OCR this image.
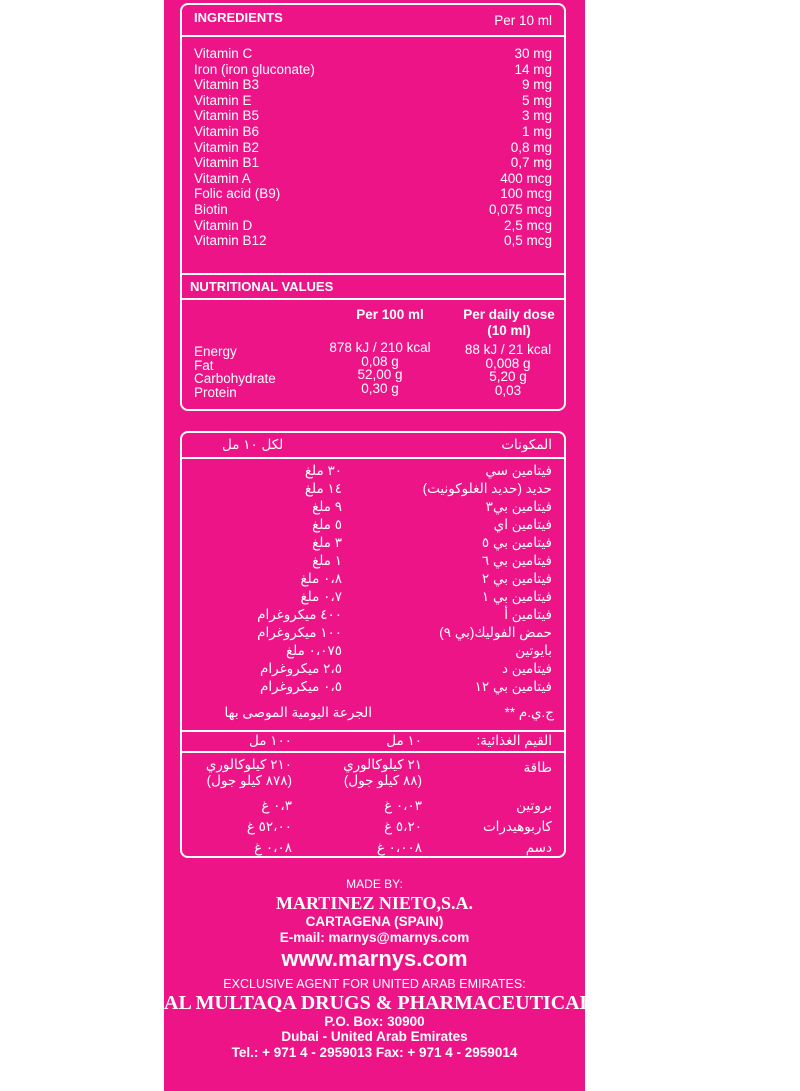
INGREDIENTS	Per 10 ml
Vitamin C
Iron (iron gluconate)
Vitamin B3
Vitamin E
Vitamin B5
Vitamin B6
Vitamin B2
Vitamin B1
Vitamin A
Folic acid (B9)
Biotin
Vitamin D
Vitamin B12
30 mg
14 mg
9 mg
5 mg
3 mg
1 mg
0,8 mg
0,7 mg
400 mcg
100 mcg
0,075 mcg
2,5 mcg
0,5 mcg
NUTRITIONAL VALUES
Per 100 ml	Per daily dose
(10 ml)
Energy
Fat
Carbohydrate
Protein
878 kJ / 210 kcal
0,08 g
52,00 g
0,30 g
88 kJ / 21 kcal
0,008 g
5,20 g
0,03
المكونات
لكل ١٠ مل
فيتامين سي
حديد (حديد الغلوكونيت)
فيتامين بي٣
فيتامين اي
فيتامين بي ٥
فيتامين بي ٦
فيتامين بي ٢
فيتامين بي ١
فيتامين أ
حمض الفوليك(بي ٩)
بايوتين
فيتامين د
فيتامين بي ١٢
٣٠ ملغ
١٤ ملغ
٩ ملغ
٥ ملغ
٣ ملغ
١ ملغ
٠،٨ ملغ
٠،٧ ملغ
٤٠٠ ميكروغرام
١٠٠ ميكروغرام
٠،٠٧٥ ملغ
٢،٥ ميكروغرام
٠،٥ ميكروغرام
** ج.ي.م
الجرعة اليومية الموصى بها
القيم الغذائية:
١٠ مل
١٠٠ مل
طاقة
٢١ كيلوكالوري
(٨٨ كيلو جول)
٢١٠ كيلوكالوري
(٨٧٨ كيلو جول)
بروتين
٠،٠٣ غ
٠،٣ غ
كاربوهيدرات
٥،٢٠ غ
٥٢،٠٠ غ
دسم
٠،٠٠٨ غ
٠،٠٨ غ
MADE BY:
MARTINEZ NIETO,S.A.
CARTAGENA (SPAIN)
E-mail: marnys@marnys.com
www.marnys.com
EXCLUSIVE AGENT FOR UNITED ARAB EMIRATES:
AL MULTAQA DRUGS & PHARMACEUTICAL
P.O. Box: 30900
Dubai - United Arab Emirates
Tel.: + 971 4 - 2959013 Fax: + 971 4 - 2959014
